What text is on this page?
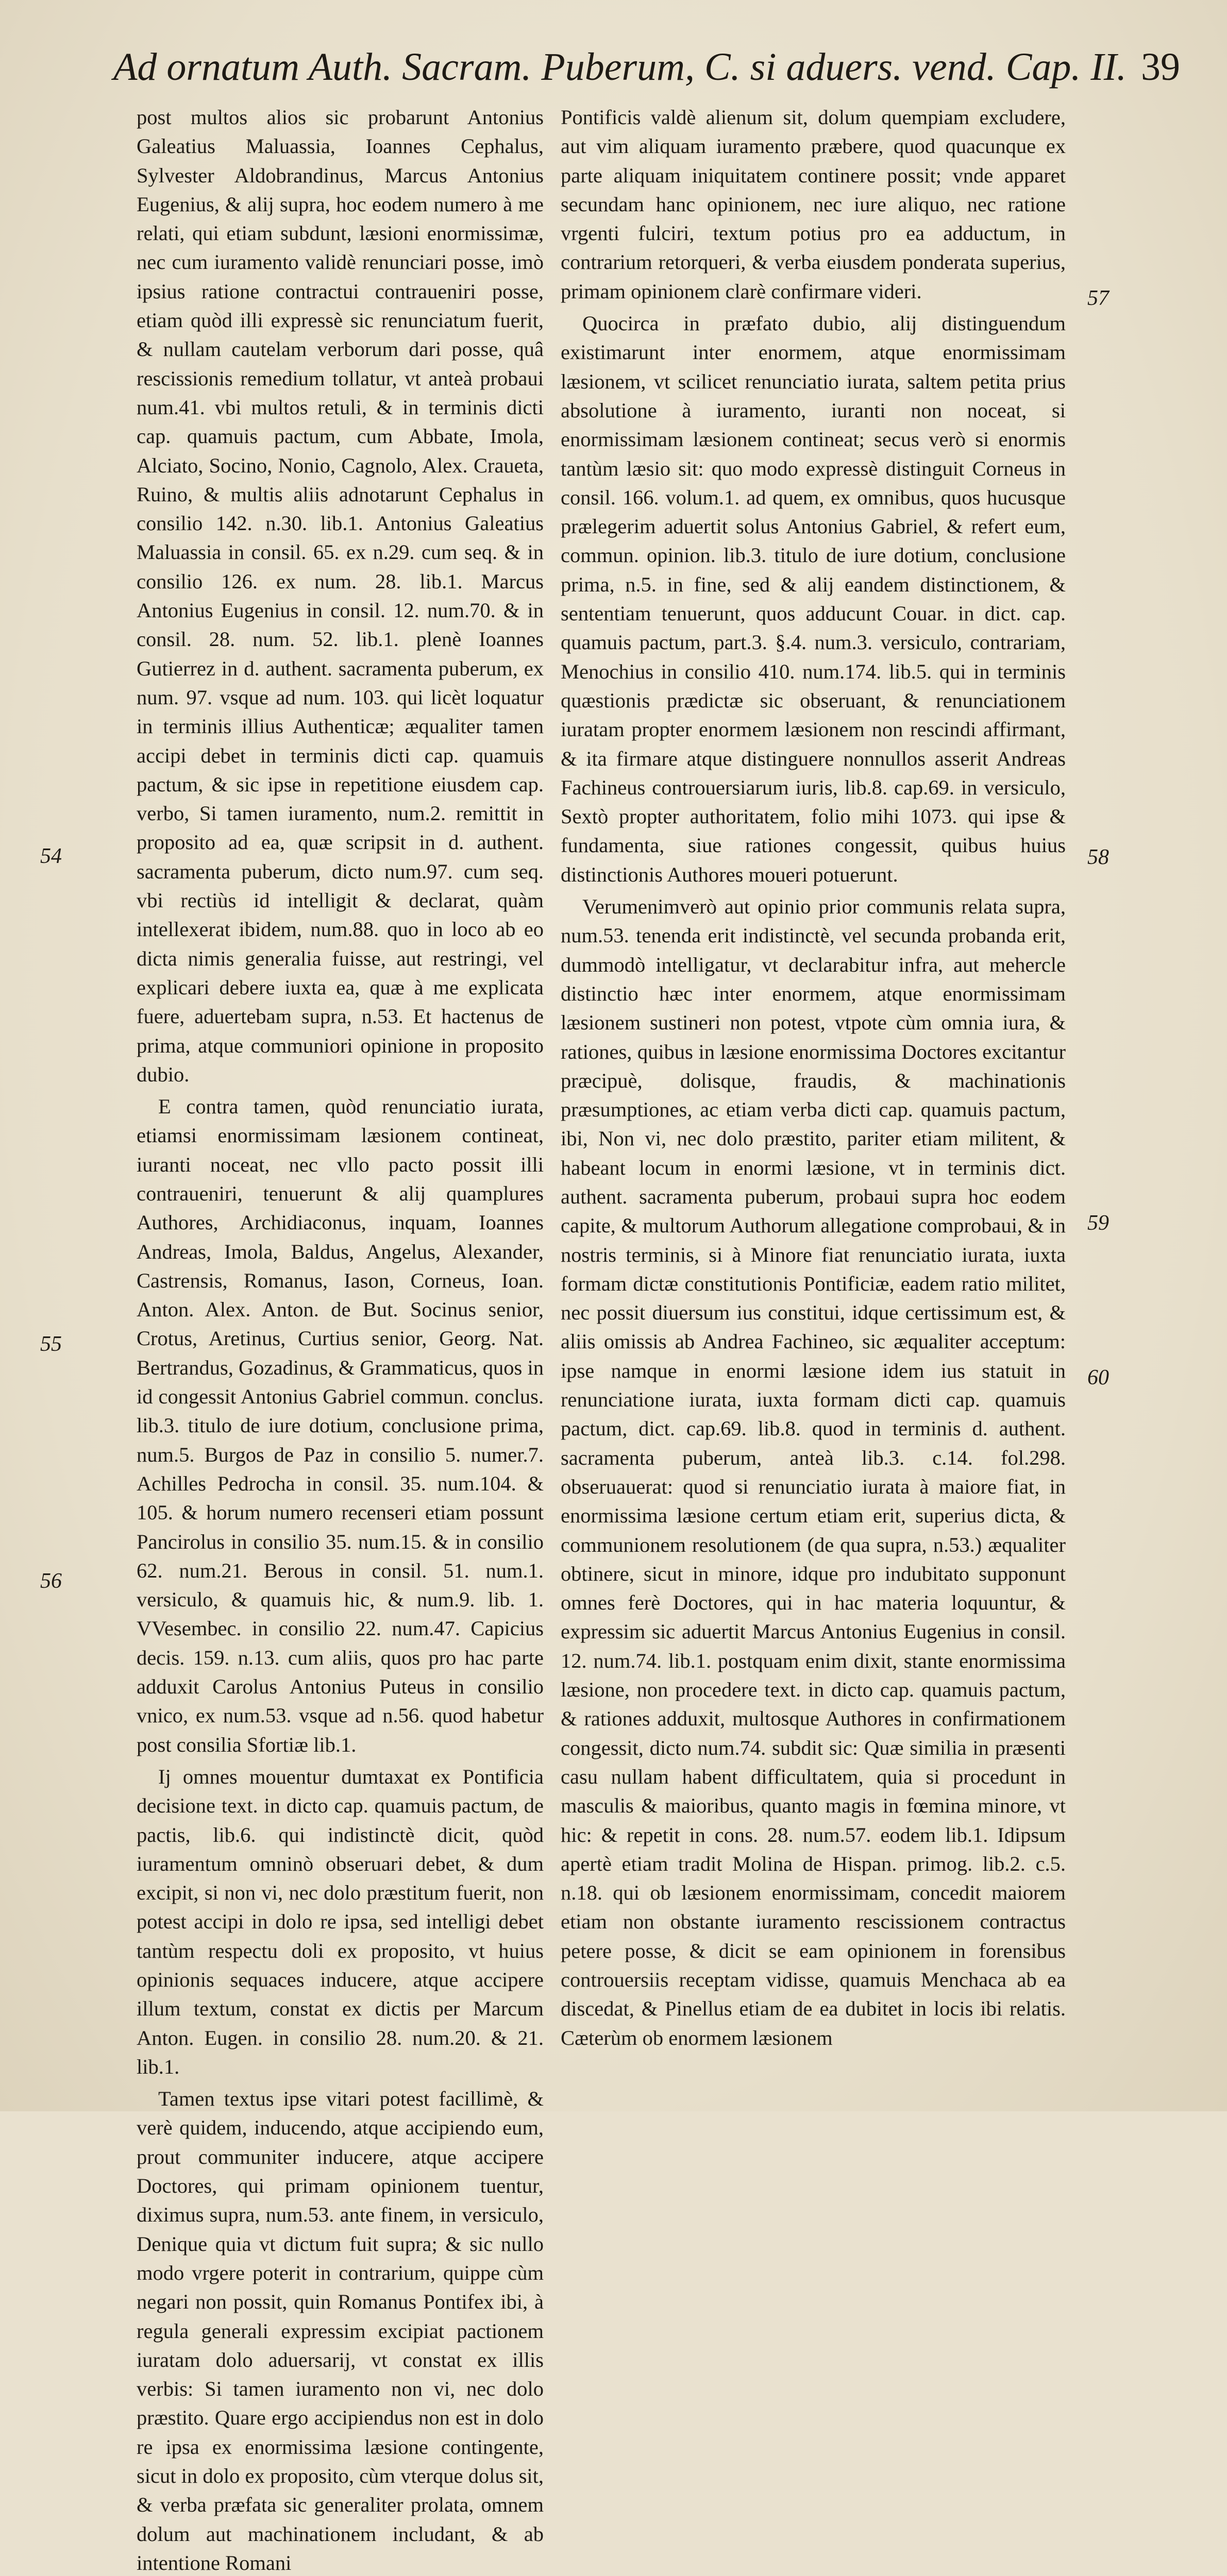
Ad ornatum Auth. Sacram. Puberum, C. si aduers. vend. Cap. II. 39

post multos alios sic probarunt Antonius Galeatius Maluassia, Ioannes Cephalus, Sylvester Aldobrandinus, Marcus Antonius Eugenius, & alij supra, hoc eodem numero à me relati, qui etiam subdunt, læsioni enormissimæ, nec cum iuramento validè renunciari posse, imò ipsius ratione contractui contraueniri posse, etiam quòd illi expressè sic renunciatum fuerit, & nullam cautelam verborum dari posse, quâ rescissionis remedium tollatur, vt anteà probaui num.41. vbi multos retuli, & in terminis dicti cap. quamuis pactum, cum Abbate, Imola, Alciato, Socino, Nonio, Cagnolo, Alex. Craueta, Ruino, & multis aliis adnotarunt Cephalus in consilio 142. n.30. lib.1. Antonius Galeatius Maluassia in consil. 65. ex n.29. cum seq. & in consilio 126. ex num. 28. lib.1. Marcus Antonius Eugenius in consil. 12. num.70. & in consil. 28. num. 52. lib.1. plenè Ioannes Gutierrez in d. authent. sacramenta puberum, ex num. 97. vsque ad num. 103. qui licèt loquatur in terminis illius Authenticæ; æqualiter tamen accipi debet in terminis dicti cap. quamuis pactum, & sic ipse in repetitione eiusdem cap. verbo, Si tamen iuramento, num.2. remittit in proposito ad ea, quæ scripsit in d. authent. sacramenta puberum, dicto num.97. cum seq. vbi rectiùs id intelligit & declarat, quàm intellexerat ibidem, num.88. quo in loco ab eo dicta nimis generalia fuisse, aut restringi, vel explicari debere iuxta ea, quæ à me explicata fuere, aduertebam supra, n.53. Et hactenus de prima, atque communiori opinione in proposito dubio.

E contra tamen, quòd renunciatio iurata, etiamsi enormissimam læsionem contineat, iuranti noceat, nec vllo pacto possit illi contraueniri, tenuerunt & alij quamplures Authores, Archidiaconus, inquam, Ioannes Andreas, Imola, Baldus, Angelus, Alexander, Castrensis, Romanus, Iason, Corneus, Ioan. Anton. Alex. Anton. de But. Socinus senior, Crotus, Aretinus, Curtius senior, Georg. Nat. Bertrandus, Gozadinus, & Grammaticus, quos in id congessit Antonius Gabriel commun. conclus. lib.3. titulo de iure dotium, conclusione prima, num.5. Burgos de Paz in consilio 5. numer.7. Achilles Pedrocha in consil. 35. num.104. & 105. & horum numero recenseri etiam possunt Pancirolus in consilio 35. num.15. & in consilio 62. num.21. Berous in consil. 51. num.1. versiculo, & quamuis hic, & num.9. lib. 1. VVesembec. in consilio 22. num.47. Capicius decis. 159. n.13. cum aliis, quos pro hac parte adduxit Carolus Antonius Puteus in consilio vnico, ex num.53. vsque ad n.56. quod habetur post consilia Sfortiæ lib.1.

Ij omnes mouentur dumtaxat ex Pontificia decisione text. in dicto cap. quamuis pactum, de pactis, lib.6. qui indistinctè dicit, quòd iuramentum omninò obseruari debet, & dum excipit, si non vi, nec dolo præstitum fuerit, non potest accipi in dolo re ipsa, sed intelligi debet tantùm respectu doli ex proposito, vt huius opinionis sequaces inducere, atque accipere illum textum, constat ex dictis per Marcum Anton. Eugen. in consilio 28. num.20. & 21. lib.1.

Tamen textus ipse vitari potest facillimè, & verè quidem, inducendo, atque accipiendo eum, prout communiter inducere, atque accipere Doctores, qui primam opinionem tuentur, diximus supra, num.53. ante finem, in versiculo, Denique quia vt dictum fuit supra; & sic nullo modo vrgere poterit in contrarium, quippe cùm negari non possit, quin Romanus Pontifex ibi, à regula generali expressim excipiat pactionem iuratam dolo aduersarij, vt constat ex illis verbis: Si tamen iuramento non vi, nec dolo præstito. Quare ergo accipiendus non est in dolo re ipsa ex enormissima læsione contingente, sicut in dolo ex proposito, cùm vterque dolus sit, & verba præfata sic generaliter prolata, omnem dolum aut machinationem includant, & ab intentione Romani

Pontificis valdè alienum sit, dolum quempiam excludere, aut vim aliquam iuramento præbere, quod quacunque ex parte aliquam iniquitatem continere possit; vnde apparet secundam hanc opinionem, nec iure aliquo, nec ratione vrgenti fulciri, textum potius pro ea adductum, in contrarium retorqueri, & verba eiusdem ponderata superius, primam opinionem clarè confirmare videri.

Quocirca in præfato dubio, alij distinguendum existimarunt inter enormem, atque enormissimam læsionem, vt scilicet renunciatio iurata, saltem petita prius absolutione à iuramento, iuranti non noceat, si enormissimam læsionem contineat; secus verò si enormis tantùm læsio sit: quo modo expressè distinguit Corneus in consil. 166. volum.1. ad quem, ex omnibus, quos hucusque prælegerim aduertit solus Antonius Gabriel, & refert eum, commun. opinion. lib.3. titulo de iure dotium, conclusione prima, n.5. in fine, sed & alij eandem distinctionem, & sententiam tenuerunt, quos adducunt Couar. in dict. cap. quamuis pactum, part.3. §.4. num.3. versiculo, contrariam, Menochius in consilio 410. num.174. lib.5. qui in terminis quæstionis prædictæ sic obseruant, & renunciationem iuratam propter enormem læsionem non rescindi affirmant, & ita firmare atque distinguere nonnullos asserit Andreas Fachineus controuersiarum iuris, lib.8. cap.69. in versiculo, Sextò propter authoritatem, folio mihi 1073. qui ipse & fundamenta, siue rationes congessit, quibus huius distinctionis Authores moueri potuerunt.

Verumenimverò aut opinio prior communis relata supra, num.53. tenenda erit indistinctè, vel secunda probanda erit, dummodò intelligatur, vt declarabitur infra, aut mehercle distinctio hæc inter enormem, atque enormissimam læsionem sustineri non potest, vtpote cùm omnia iura, & rationes, quibus in læsione enormissima Doctores excitantur præcipuè, dolisque, fraudis, & machinationis præsumptiones, ac etiam verba dicti cap. quamuis pactum, ibi, Non vi, nec dolo præstito, pariter etiam militent, & habeant locum in enormi læsione, vt in terminis dict. authent. sacramenta puberum, probaui supra hoc eodem capite, & multorum Authorum allegatione comprobaui, & in nostris terminis, si à Minore fiat renunciatio iurata, iuxta formam dictæ constitutionis Pontificiæ, eadem ratio militet, nec possit diuersum ius constitui, idque certissimum est, & aliis omissis ab Andrea Fachineo, sic æqualiter acceptum: ipse namque in enormi læsione idem ius statuit in renunciatione iurata, iuxta formam dicti cap. quamuis pactum, dict. cap.69. lib.8. quod in terminis d. authent. sacramenta puberum, anteà lib.3. c.14. fol.298. obseruauerat: quod si renunciatio iurata à maiore fiat, in enormissima læsione certum etiam erit, superius dicta, & communionem resolutionem (de qua supra, n.53.) æqualiter obtinere, sicut in minore, idque pro indubitato supponunt omnes ferè Doctores, qui in hac materia loquuntur, & expressim sic aduertit Marcus Antonius Eugenius in consil. 12. num.74. lib.1. postquam enim dixit, stante enormissima læsione, non procedere text. in dicto cap. quamuis pactum, & rationes adduxit, multosque Authores in confirmationem congessit, dicto num.74. subdit sic: Quæ similia in præsenti casu nullam habent difficultatem, quia si procedunt in masculis & maioribus, quanto magis in fœmina minore, vt hic: & repetit in cons. 28. num.57. eodem lib.1. Idipsum apertè etiam tradit Molina de Hispan. primog. lib.2. c.5. n.18. qui ob læsionem enormissimam, concedit maiorem etiam non obstante iuramento rescissionem contractus petere posse, & dicit se eam opinionem in forensibus controuersiis receptam vidisse, quamuis Menchaca ab ea discedat, & Pinellus etiam de ea dubitet in locis ibi relatis. Cæterùm ob enormem læsionem

54
55
56
57
58
59
60
